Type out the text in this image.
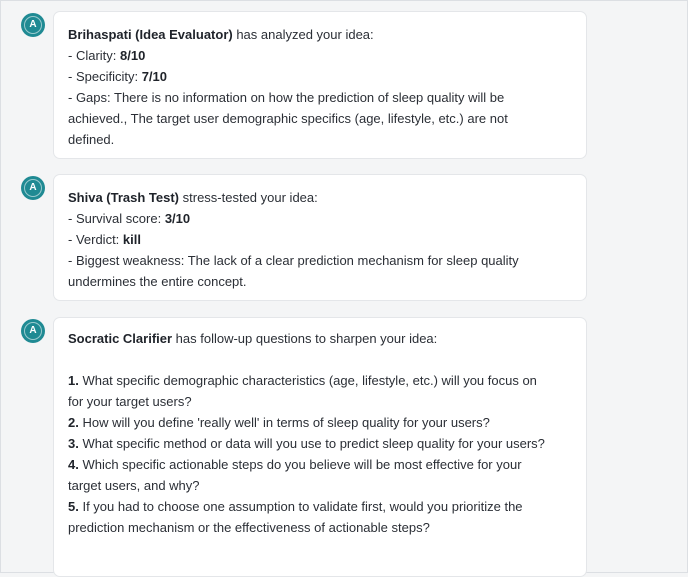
A
Brihaspati (Idea Evaluator) has analyzed your idea:
- Clarity: 8/10
- Specificity: 7/10
- Gaps: There is no information on how the prediction of sleep quality will be
achieved., The target user demographic specifics (age, lifestyle, etc.) are not
defined.
A
Shiva (Trash Test) stress-tested your idea:
- Survival score: 3/10
- Verdict: kill
- Biggest weakness: The lack of a clear prediction mechanism for sleep quality
undermines the entire concept.
A
Socratic Clarifier has follow-up questions to sharpen your idea:
1. What specific demographic characteristics (age, lifestyle, etc.) will you focus on
for your target users?
2. How will you define 'really well' in terms of sleep quality for your users?
3. What specific method or data will you use to predict sleep quality for your users?
4. Which specific actionable steps do you believe will be most effective for your
target users, and why?
5. If you had to choose one assumption to validate first, would you prioritize the
prediction mechanism or the effectiveness of actionable steps?
